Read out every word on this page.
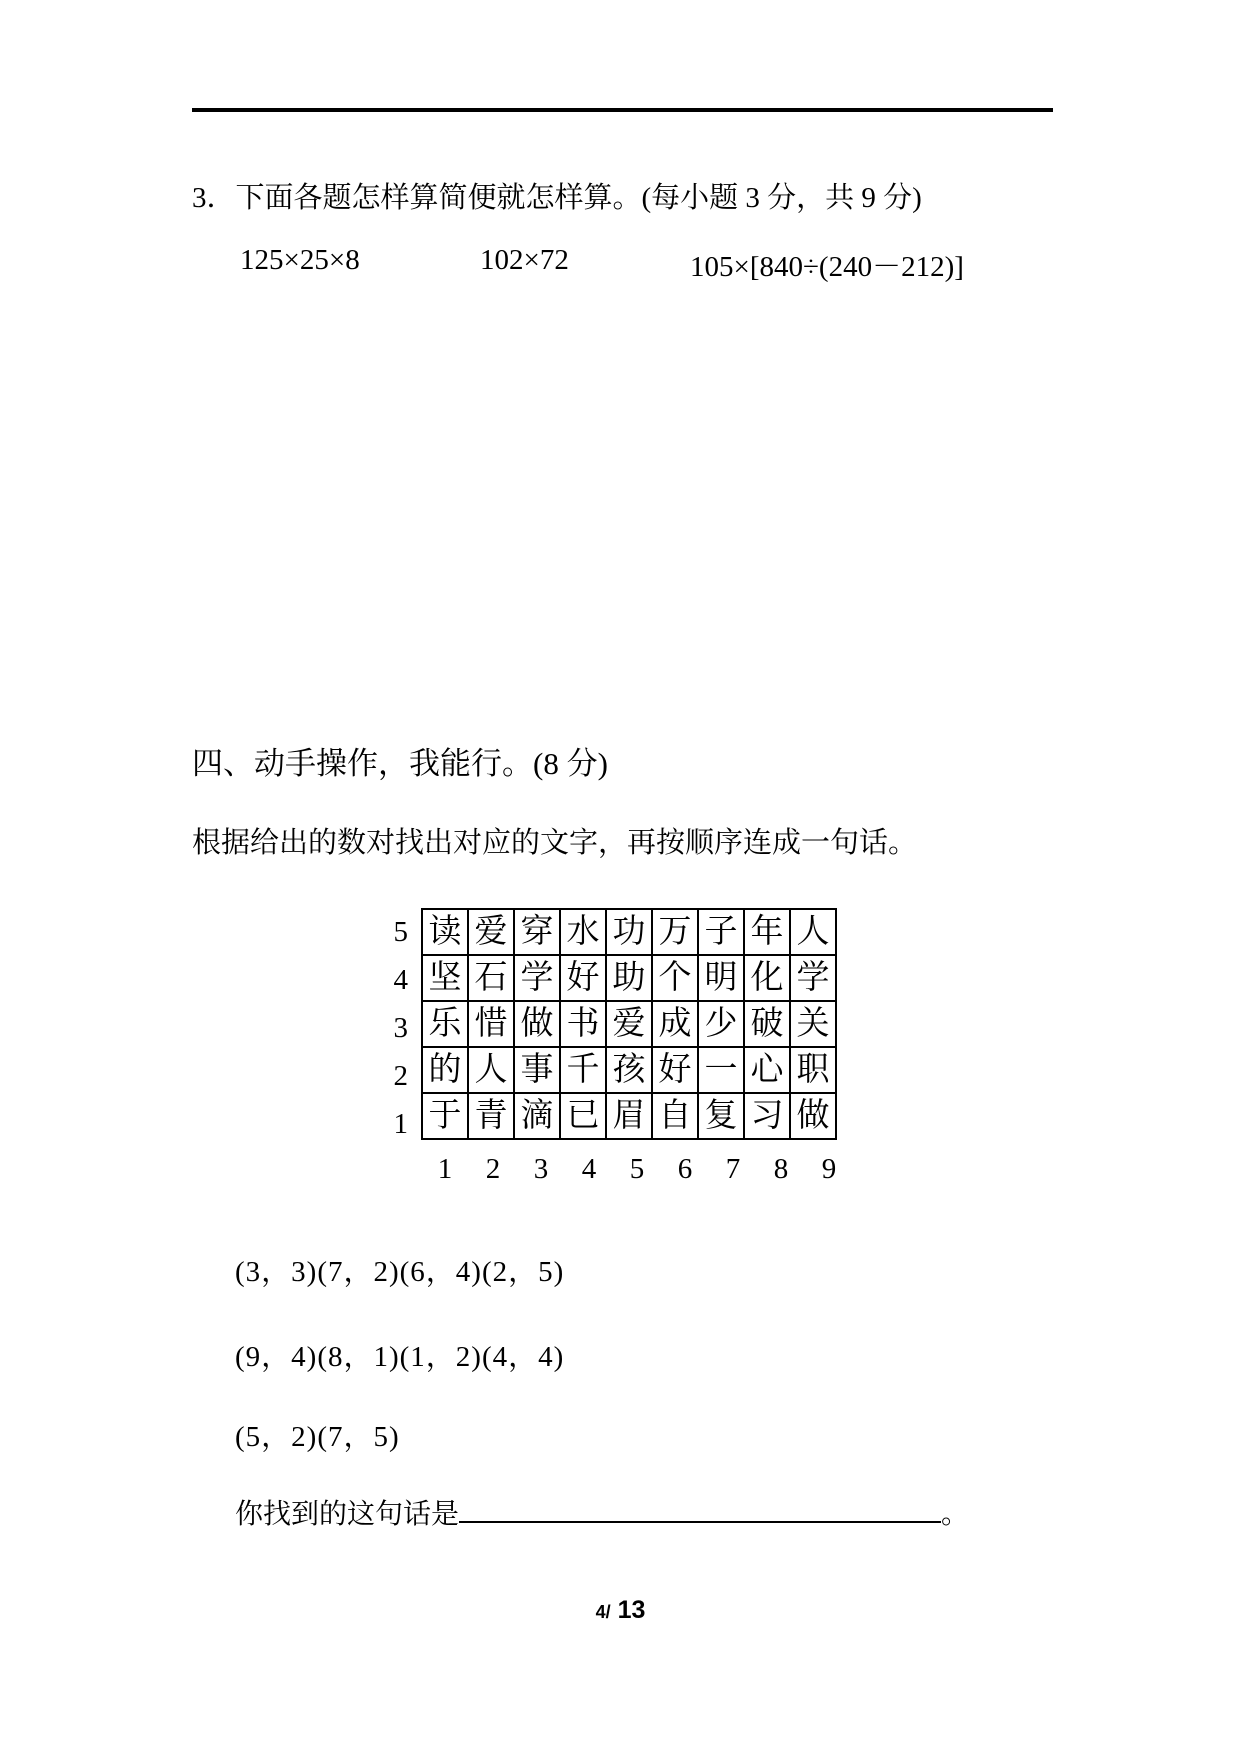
3．下面各题怎样算简便就怎样算。(每小题 3 分，共 9 分)
125×25×8	102×72	105×[840÷(240－212)]
四、动手操作，我能行。(8 分)
根据给出的数对找出对应的文字，再按顺序连成一句话。
5
4
3
2
1
读	爱	穿	水	功	万	子	年	人
坚	石	学	好	助	个	明	化	学
乐	惜	做	书	爱	成	少	破	关
的	人	事	千	孩	好	一	心	职
于	青	滴	已	眉	自	复	习	做
1	2	3	4	5	6	7	8	9
(3，3)(7，2)(6，4)(2，5)
(9，4)(8，1)(1，2)(4，4)
(5，2)(7，5)
你找到的这句话是	。
4/ 13
